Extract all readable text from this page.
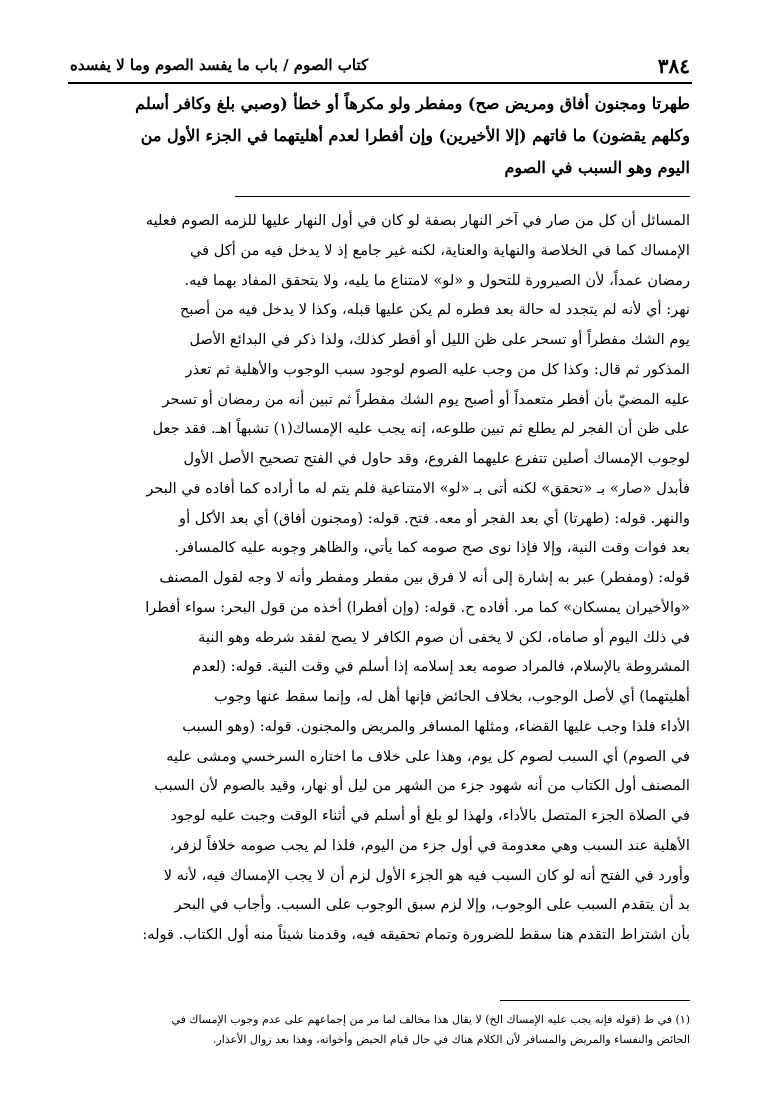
٣٨٤
كتاب الصوم / باب ما يفسد الصوم وما لا يفسده
طهرتا ومجنون أفاق ومريض صح) ومفطر ولو مكرهاً أو خطأ (وصبي بلغ وكافر أسلم
وكلهم يقضون) ما فاتهم (إلا الأخيرين) وإن أفطرا لعدم أهليتهما في الجزء الأول من
اليوم وهو السبب في الصوم
المسائل أن كل من صار في آخر النهار بصفة لو كان في أول النهار عليها للزمه الصوم فعليه
الإمساك كما في الخلاصة والنهاية والعناية، لكنه غير جامع إذ لا يدخل فيه من أكل في
رمضان عمداً، لأن الصيرورة للتحول و «لو» لامتناع ما يليه، ولا يتحقق المفاد بهما فيه.
نهر: أي لأنه لم يتجدد له حالة بعد فطره لم يكن عليها قبله، وكذا لا يدخل فيه من أصبح
يوم الشك مفطراً أو تسحر على ظن الليل أو أفطر كذلك، ولذا ذكر في البدائع الأصل
المذكور ثم قال: وكذا كل من وجب عليه الصوم لوجود سبب الوجوب والأهلية ثم تعذر
عليه المضيّ بأن أفطر متعمداً أو أصبح يوم الشك مفطراً ثم تبين أنه من رمضان أو تسحر
على ظن أن الفجر لم يطلع ثم تبين طلوعه، إنه يجب عليه الإمساك(١) تشبهاً اهـ. فقد جعل
لوجوب الإمساك أصلين تتفرع عليهما الفروع، وقد حاول في الفتح تصحيح الأصل الأول
فأبدل «صار» بـ «تحقق» لكنه أتى بـ «لو» الامتناعية فلم يتم له ما أراده كما أفاده في البحر
والنهر. قوله: (طهرتا) أي بعد الفجر أو معه. فتح. قوله: (ومجنون أفاق) أي بعد الأكل أو
بعد فوات وقت النية، وإلا فإذا نوى صح صومه كما يأتي، والظاهر وجوبه عليه كالمسافر.
قوله: (ومفطر) عبر به إشارة إلى أنه لا فرق بين مفطر ومفطر وأنه لا وجه لقول المصنف
«والأخيران يمسكان» كما مر. أفاده ح. قوله: (وإن أفطرا) أخذه من قول البحر: سواء أفطرا
في ذلك اليوم أو صاماه، لكن لا يخفى أن صوم الكافر لا يصح لفقد شرطه وهو النية
المشروطة بالإسلام، فالمراد صومه بعد إسلامه إذا أسلم في وقت النية. قوله: (لعدم
أهليتهما) أي لأصل الوجوب، بخلاف الحائض فإنها أهل له، وإنما سقط عنها وجوب
الأداء فلذا وجب عليها القضاء، ومثلها المسافر والمريض والمجنون. قوله: (وهو السبب
في الصوم) أي السبب لصوم كل يوم، وهذا على خلاف ما اختاره السرخسي ومشى عليه
المصنف أول الكتاب من أنه شهود جزء من الشهر من ليل أو نهار، وقيد بالصوم لأن السبب
في الصلاة الجزء المتصل بالأداء، ولهذا لو بلغ أو أسلم في أثناء الوقت وجبت عليه لوجود
الأهلية عند السبب وهي معدومة في أول جزء من اليوم، فلذا لم يجب صومه خلافاً لزفر،
وأورد في الفتح أنه لو كان السبب فيه هو الجزء الأول لزم أن لا يجب الإمساك فيه، لأنه لا
بد أن يتقدم السبب على الوجوب، وإلا لزم سبق الوجوب على السبب. وأجاب في البحر
بأن اشتراط التقدم هنا سقط للضرورة وتمام تحقيقه فيه، وقدمنا شيئاً منه أول الكتاب. قوله:
(١) في ط (قوله فإنه يجب عليه الإمساك الخ) لا يقال هذا مخالف لما مر من إجماعهم على عدم وجوب الإمساك في
الحائض والنفساء والمريض والمسافر لأن الكلام هناك في حال قيام الحيض وأخواته، وهذا بعد زوال الأعذار.
